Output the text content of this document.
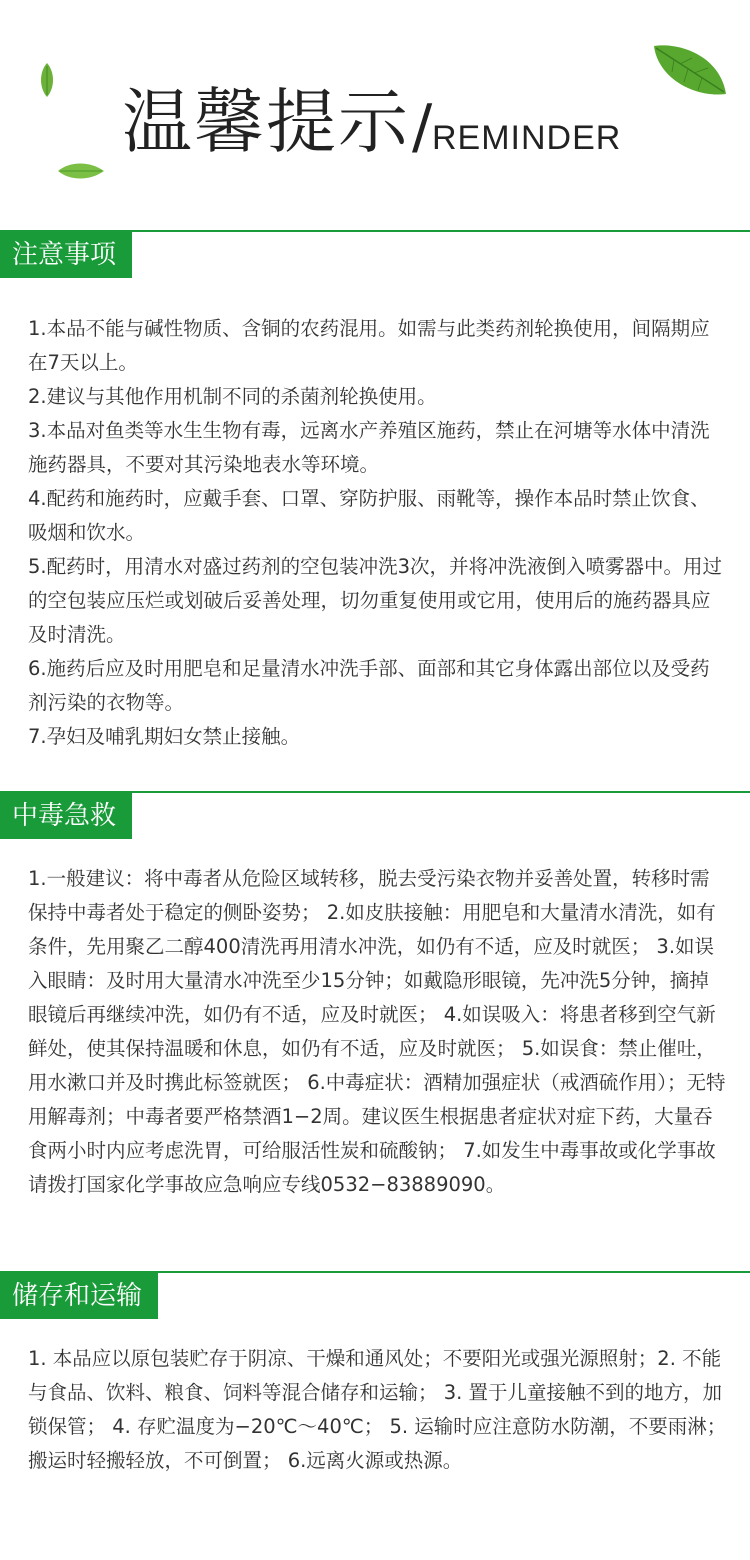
温馨提示 / REMINDER
注意事项

1.本品不能与碱性物质、含铜的农药混用。如需与此类药剂轮换使用，间隔期应在7天以上。

2.建议与其他作用机制不同的杀菌剂轮换使用。

3.本品对鱼类等水生生物有毒，远离水产养殖区施药，禁止在河塘等水体中清洗施药器具，不要对其污染地表水等环境。

4.配药和施药时，应戴手套、口罩、穿防护服、雨靴等，操作本品时禁止饮食、吸烟和饮水。

5.配药时，用清水对盛过药剂的空包装冲洗3次，并将冲洗液倒入喷雾器中。用过的空包装应压烂或划破后妥善处理，切勿重复使用或它用，使用后的施药器具应及时清洗。

6.施药后应及时用肥皂和足量清水冲洗手部、面部和其它身体露出部位以及受药剂污染的衣物等。

7.孕妇及哺乳期妇女禁止接触。

中毒急救

1.一般建议：将中毒者从危险区域转移，脱去受污染衣物并妥善处置，转移时需保持中毒者处于稳定的侧卧姿势； 2.如皮肤接触：用肥皂和大量清水清洗，如有条件，先用聚乙二醇400清洗再用清水冲洗，如仍有不适，应及时就医； 3.如误入眼睛：及时用大量清水冲洗至少15分钟；如戴隐形眼镜，先冲洗5分钟，摘掉眼镜后再继续冲洗，如仍有不适，应及时就医； 4.如误吸入：将患者移到空气新鲜处，使其保持温暖和休息，如仍有不适，应及时就医； 5.如误食：禁止催吐，用水漱口并及时携此标签就医； 6.中毒症状：酒精加强症状（戒酒硫作用）；无特用解毒剂；中毒者要严格禁酒1−2周。建议医生根据患者症状对症下药，大量吞食两小时内应考虑洗胃，可给服活性炭和硫酸钠； 7.如发生中毒事故或化学事故请拨打国家化学事故应急响应专线0532−83889090。

储存和运输

1. 本品应以原包装贮存于阴凉、干燥和通风处；不要阳光或强光源照射；2. 不能与食品、饮料、粮食、饲料等混合储存和运输； 3. 置于儿童接触不到的地方，加锁保管； 4. 存贮温度为−20℃～40℃； 5. 运输时应注意防水防潮，不要雨淋；搬运时轻搬轻放，不可倒置； 6.远离火源或热源。
